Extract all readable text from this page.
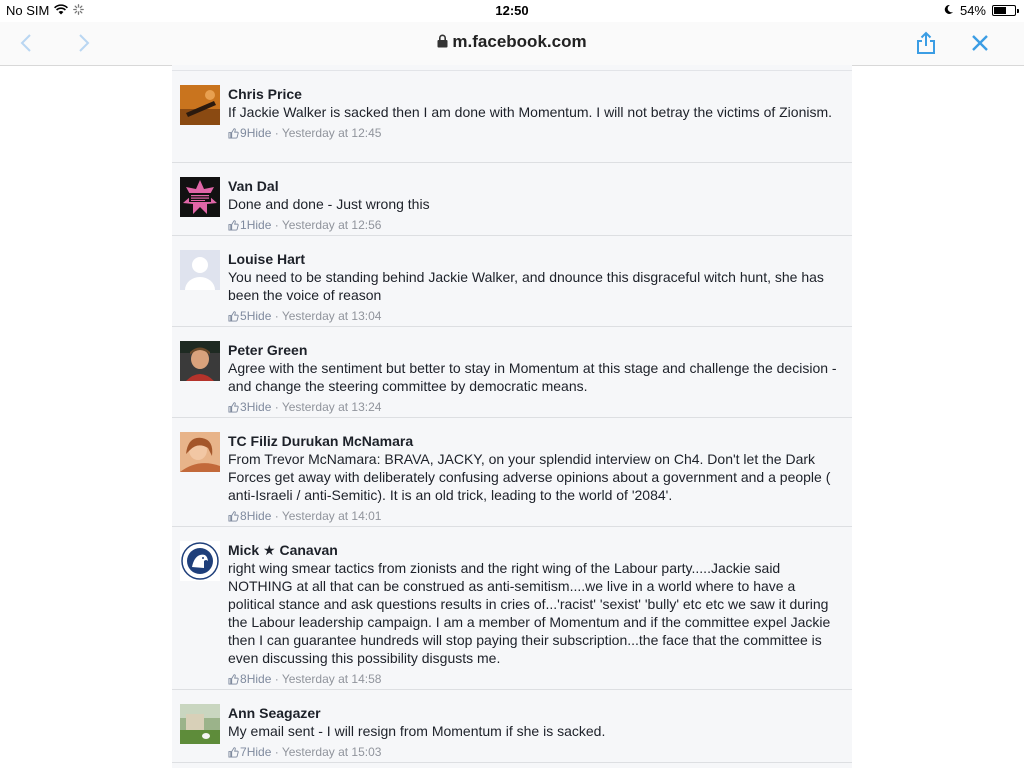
No SIM	12:50	54%
m.facebook.com
Chris Price
If Jackie Walker is sacked then I am done with Momentum. I will not betray the victims of Zionism.
9Hide · Yesterday at 12:45
Van Dal
Done and done - Just wrong this
1Hide · Yesterday at 12:56
Louise Hart
You need to be standing behind Jackie Walker, and dnounce this disgraceful witch hunt, she has been the voice of reason
5Hide · Yesterday at 13:04
Peter Green
Agree with the sentiment but better to stay in Momentum at this stage and challenge the decision - and change the steering committee by democratic means.
3Hide · Yesterday at 13:24
TC Filiz Durukan McNamara
From Trevor McNamara: BRAVA, JACKY, on your splendid interview on Ch4. Don't let the Dark Forces get away with deliberately confusing adverse opinions about a government and a people ( anti-Israeli / anti-Semitic). It is an old trick, leading to the world of '2084'.
8Hide · Yesterday at 14:01
Mick ★ Canavan
right wing smear tactics from zionists and the right wing of the Labour party.....Jackie said NOTHING at all that can be construed as anti-semitism....we live in a world where to have a political stance and ask questions results in cries of...'racist' 'sexist' 'bully' etc etc we saw it during the Labour leadership campaign. I am a member of Momentum and if the committee expel Jackie then I can guarantee hundreds will stop paying their subscription...the face that the committee is even discussing this possibility disgusts me.
8Hide · Yesterday at 14:58
Ann Seagazer
My email sent - I will resign from Momentum if she is sacked.
7Hide · Yesterday at 15:03
